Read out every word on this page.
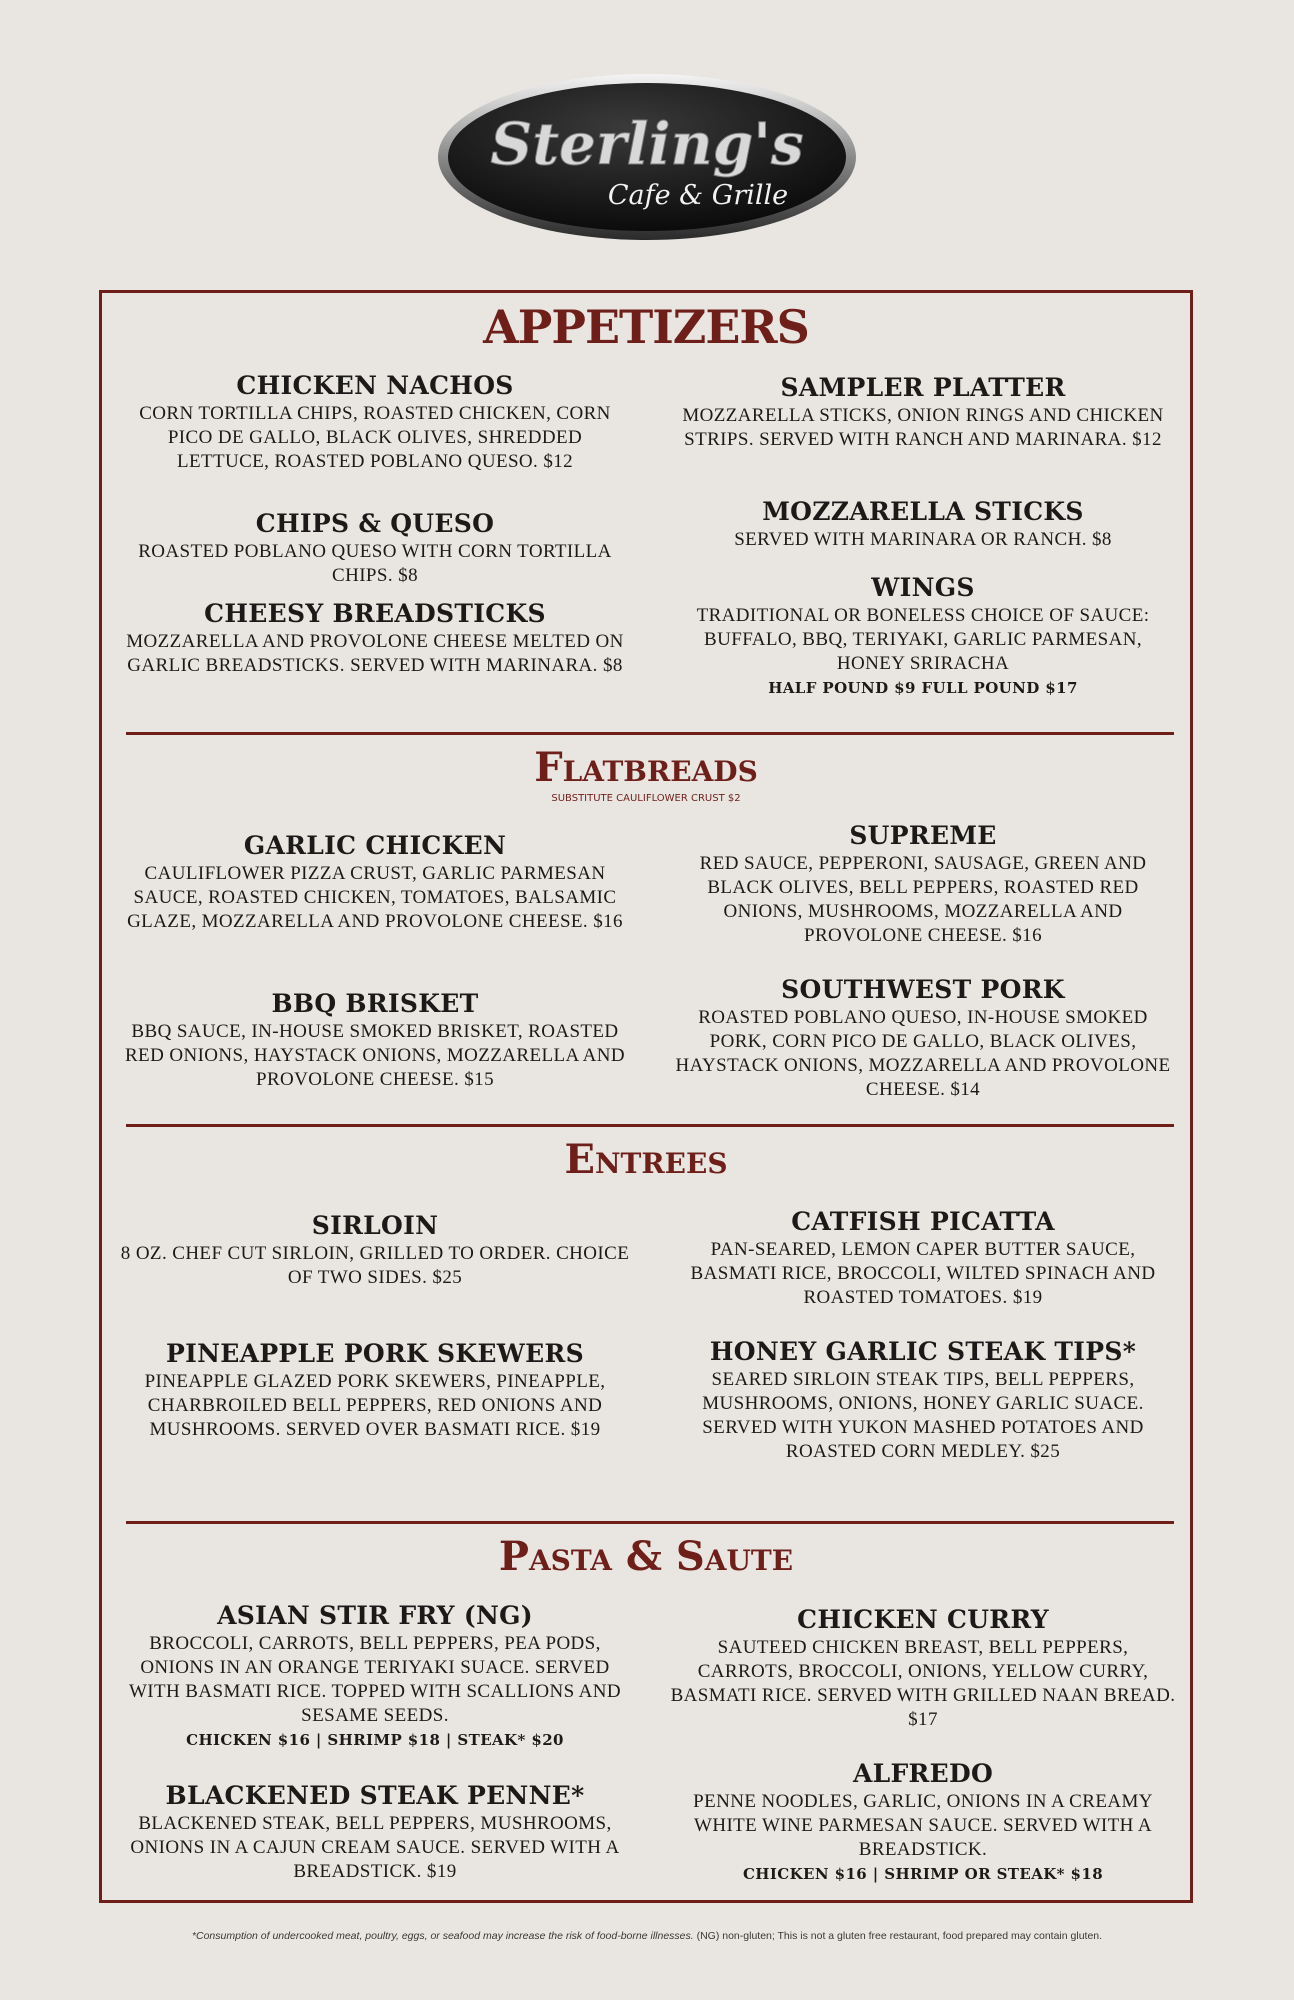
Sterling's
Cafe & Grille
APPETIZERS
CHICKEN NACHOS

CORN TORTILLA CHIPS, ROASTED CHICKEN, CORN PICO DE GALLO, BLACK OLIVES, SHREDDED LETTUCE, ROASTED POBLANO QUESO. $12

CHIPS & QUESO

ROASTED POBLANO QUESO WITH CORN TORTILLA CHIPS. $8

CHEESY BREADSTICKS

MOZZARELLA AND PROVOLONE CHEESE MELTED ON GARLIC BREADSTICKS. SERVED WITH MARINARA. $8

SAMPLER PLATTER

MOZZARELLA STICKS, ONION RINGS AND CHICKEN STRIPS. SERVED WITH RANCH AND MARINARA. $12

MOZZARELLA STICKS

SERVED WITH MARINARA OR RANCH. $8

WINGS

TRADITIONAL OR BONELESS CHOICE OF SAUCE: BUFFALO, BBQ, TERIYAKI, GARLIC PARMESAN, HONEY SRIRACHA

HALF POUND $9 FULL POUND $17

Flatbreads
SUBSTITUTE CAULIFLOWER CRUST $2
GARLIC CHICKEN

CAULIFLOWER PIZZA CRUST, GARLIC PARMESAN SAUCE, ROASTED CHICKEN, TOMATOES, BALSAMIC GLAZE, MOZZARELLA AND PROVOLONE CHEESE. $16

BBQ BRISKET

BBQ SAUCE, IN-HOUSE SMOKED BRISKET, ROASTED RED ONIONS, HAYSTACK ONIONS, MOZZARELLA AND PROVOLONE CHEESE. $15

SUPREME

RED SAUCE, PEPPERONI, SAUSAGE, GREEN AND BLACK OLIVES, BELL PEPPERS, ROASTED RED ONIONS, MUSHROOMS, MOZZARELLA AND PROVOLONE CHEESE. $16

SOUTHWEST PORK

ROASTED POBLANO QUESO, IN-HOUSE SMOKED PORK, CORN PICO DE GALLO, BLACK OLIVES, HAYSTACK ONIONS, MOZZARELLA AND PROVOLONE CHEESE. $14

Entrees
SIRLOIN

8 OZ. CHEF CUT SIRLOIN, GRILLED TO ORDER. CHOICE OF TWO SIDES. $25

PINEAPPLE PORK SKEWERS

PINEAPPLE GLAZED PORK SKEWERS, PINEAPPLE, CHARBROILED BELL PEPPERS, RED ONIONS AND MUSHROOMS. SERVED OVER BASMATI RICE. $19

CATFISH PICATTA

PAN-SEARED, LEMON CAPER BUTTER SAUCE, BASMATI RICE, BROCCOLI, WILTED SPINACH AND ROASTED TOMATOES. $19

HONEY GARLIC STEAK TIPS*

SEARED SIRLOIN STEAK TIPS, BELL PEPPERS, MUSHROOMS, ONIONS, HONEY GARLIC SUACE. SERVED WITH YUKON MASHED POTATOES AND ROASTED CORN MEDLEY. $25

Pasta & Saute
ASIAN STIR FRY (NG)

BROCCOLI, CARROTS, BELL PEPPERS, PEA PODS, ONIONS IN AN ORANGE TERIYAKI SUACE. SERVED WITH BASMATI RICE. TOPPED WITH SCALLIONS AND SESAME SEEDS.

CHICKEN $16 | SHRIMP $18 | STEAK* $20

BLACKENED STEAK PENNE*

BLACKENED STEAK, BELL PEPPERS, MUSHROOMS, ONIONS IN A CAJUN CREAM SAUCE. SERVED WITH A BREADSTICK. $19

CHICKEN CURRY

SAUTEED CHICKEN BREAST, BELL PEPPERS, CARROTS, BROCCOLI, ONIONS, YELLOW CURRY, BASMATI RICE. SERVED WITH GRILLED NAAN BREAD. $17

ALFREDO

PENNE NOODLES, GARLIC, ONIONS IN A CREAMY WHITE WINE PARMESAN SAUCE. SERVED WITH A BREADSTICK.

CHICKEN $16 | SHRIMP OR STEAK* $18

*Consumption of undercooked meat, poultry, eggs, or seafood may increase the risk of food-borne illnesses. (NG) non-gluten; This is not a gluten free restaurant, food prepared may contain gluten.
